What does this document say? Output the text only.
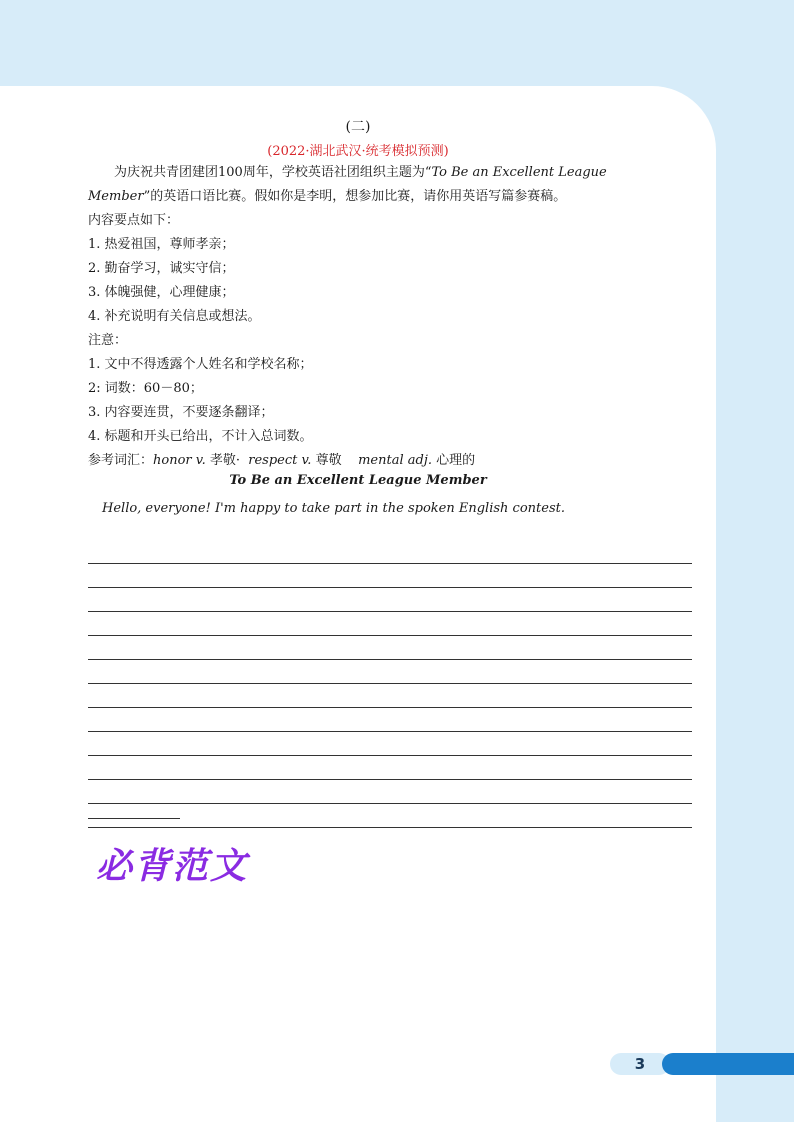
(二)
(2022·湖北武汉·统考模拟预测)
为庆祝共青团建团100周年，学校英语社团组织主题为“To Be an Excellent League
Member”的英语口语比赛。假如你是李明，想参加比赛，请你用英语写篇参赛稿。
内容要点如下：
1. 热爱祖国，尊师孝亲；
2. 勤奋学习，诚实守信；
3. 体魄强健，心理健康；
4. 补充说明有关信息或想法。
注意：
1. 文中不得透露个人姓名和学校名称；
2: 词数：60－80；
3. 内容要连贯，不要逐条翻译；
4. 标题和开头已给出，不计入总词数。
参考词汇：honor v. 孝敬· respect v. 尊敬 mental adj. 心理的
To Be an Excellent League Member
Hello, everyone! I'm happy to take part in the spoken English contest.
必背范文
3
